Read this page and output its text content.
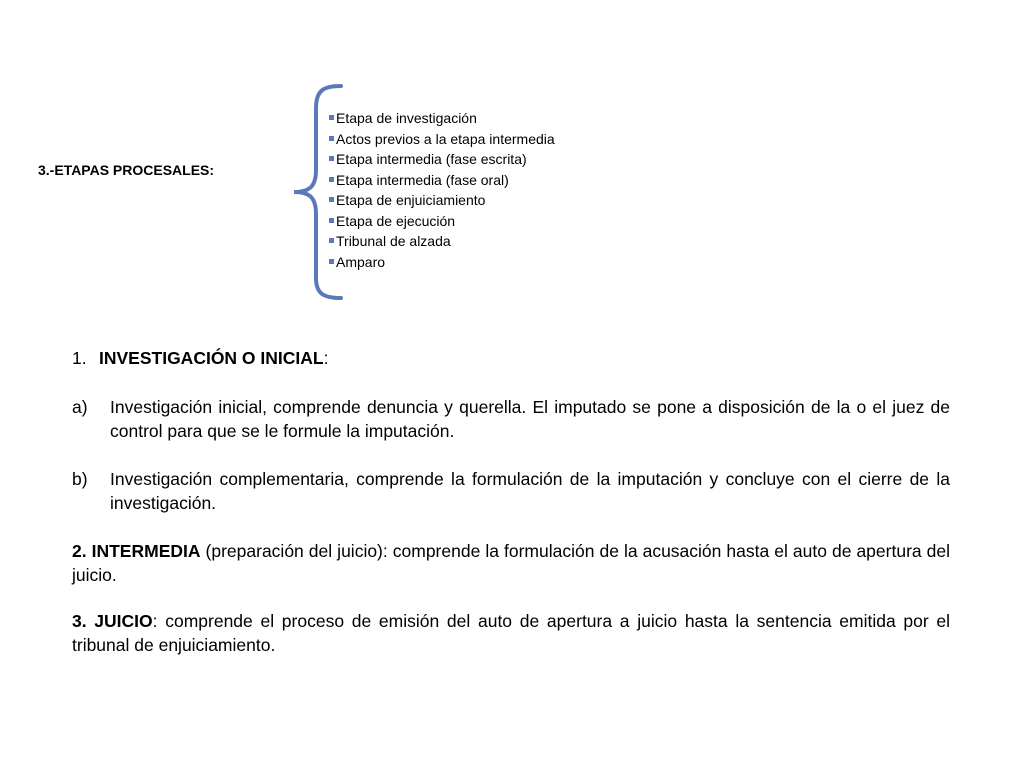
3.-ETAPAS PROCESALES:
Etapa de investigación
Actos previos a la etapa intermedia
Etapa intermedia (fase escrita)
Etapa intermedia (fase oral)
Etapa de enjuiciamiento
Etapa de ejecución
Tribunal de alzada
Amparo

1. INVESTIGACIÓN O INICIAL:

a) Investigación inicial, comprende denuncia y querella. El imputado se pone a disposición de la o el juez de control para que se le formule la imputación.
b) Investigación complementaria, comprende la formulación de la imputación y concluye con el cierre de la investigación.

2. INTERMEDIA (preparación del juicio): comprende la formulación de la acusación hasta el auto de apertura del juicio.

3. JUICIO: comprende el proceso de emisión del auto de apertura a juicio hasta la sentencia emitida por el tribunal de enjuiciamiento.
